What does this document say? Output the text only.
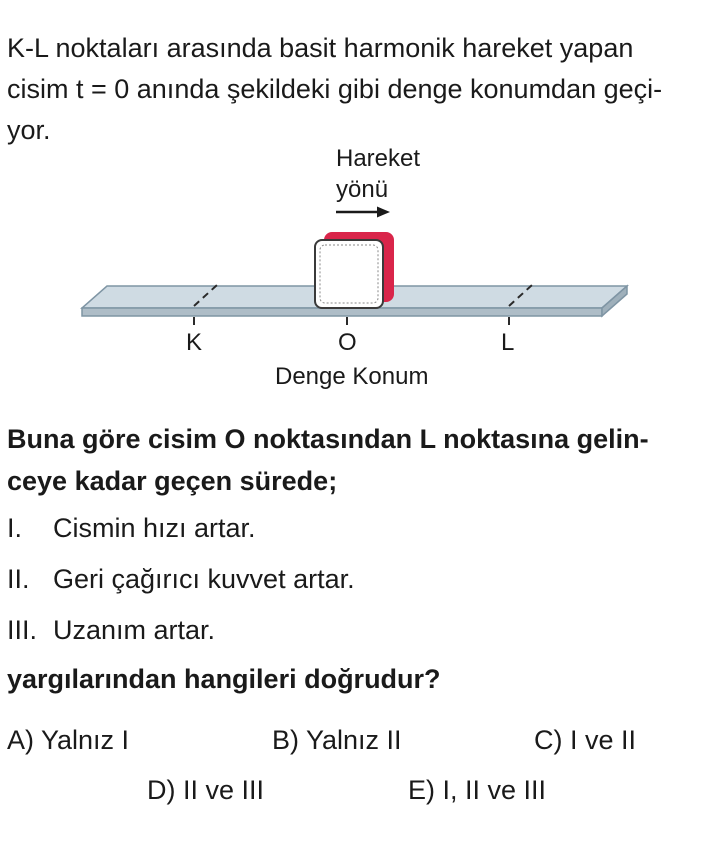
K-L noktaları arasında basit harmonik hareket yapan
cisim t = 0 anında şekildeki gibi denge konumdan geçi-
yor.
Hareket
yönü
K	O	L
Denge Konum
Buna göre cisim O noktasından L noktasına gelin-
ceye kadar geçen sürede;
I. Cismin hızı artar.
II. Geri çağırıcı kuvvet artar.
III. Uzanım artar.
yargılarından hangileri doğrudur?
A) Yalnız I	B) Yalnız II	C) I ve II
D) II ve III	E) I, II ve III
